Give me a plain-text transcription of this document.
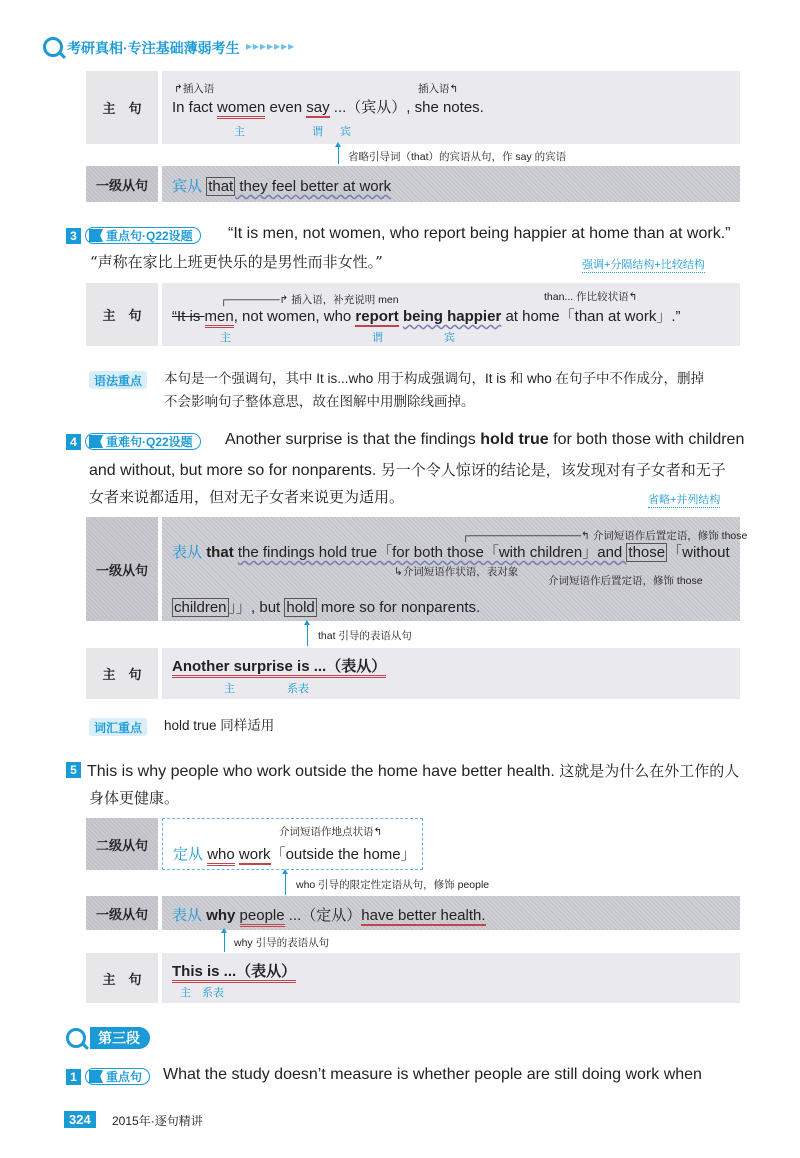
考研真相·专注基础薄弱考生 ▸▸▸▸▸▸▸
主　句
↱插入语	插入语↰
In fact women even say ...（宾从）, she notes.
主	谓 宾
省略引导词（that）的宾语从句，作 say 的宾语
一级从句 宾从 that they feel better at work
3	重点句·Q22设题 “It is men, not women, who report being happier at home than at work.”
“声称在家比上班更快乐的是男性而非女性。”	强调+分隔结构+比较结构
主　句
┌───────↱ 插入语，补充说明 men	than... 作比较状语↰
“It is men, not women, who report being happier at home「than at work」.”
主	谓	宾
语法重点	本句是一个强调句，其中 It is...who 用于构成强调句，It is 和 who 在句子中不作成分，删掉
不会影响句子整体意思，故在图解中用删除线画掉。
4	重难句·Q22设题 Another surprise is that the findings hold true for both those with children
and without, but more so for nonparents. 另一个令人惊讶的结论是，该发现对有子女者和无子
女者来说都适用，但对无子女者来说更为适用。	省略+并列结构
一级从句
┌───────────────↰ 介词短语作后置定语，修饰 those
表从 that the findings hold true「for both those「with children」and those 「without
↳介词短语作状语，表对象
介词短语作后置定语，修饰 those
children 」」, but hold more so for nonparents.
that 引导的表语从句
主　句 Another surprise is ...（表从）
主	系表
词汇重点	hold true 同样适用
5 This is why people who work outside the home have better health. 这就是为什么在外工作的人
身体更健康。
二级从句
介词短语作地点状语↰
定从 who work「outside the home」
who 引导的限定性定语从句，修饰 people
一级从句 表从 why people ...（定从）have better health.
why 引导的表语从句
主　句 This is ...（表从）
主 系表
第三段
1	重点句 What the study doesn’t measure is whether people are still doing work when
324	2015年·逐句精讲
